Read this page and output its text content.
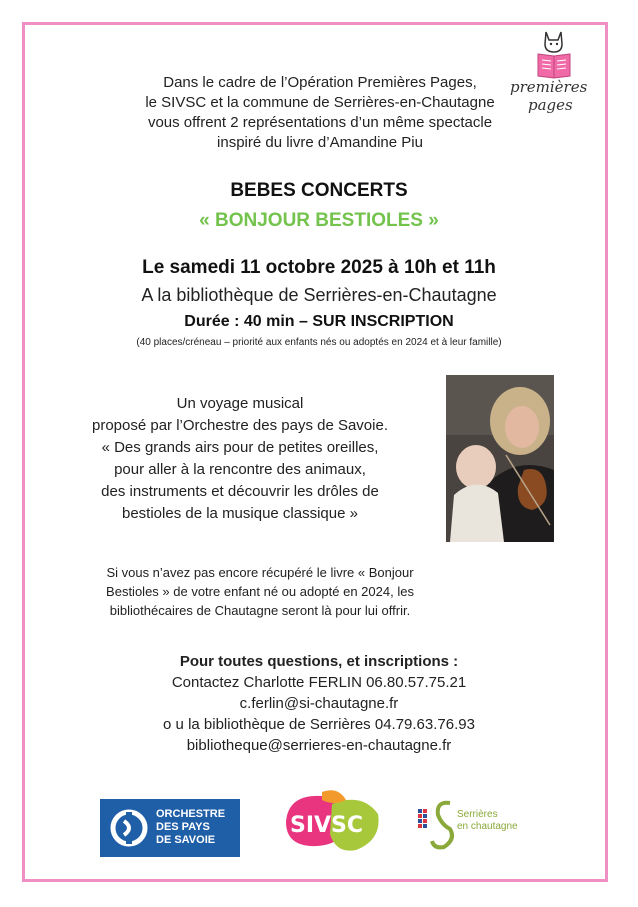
premières
pages
Dans le cadre de l’Opération Premières Pages,
le SIVSC et la commune de Serrières-en-Chautagne
vous offrent 2 représentations d’un même spectacle
inspiré du livre d’Amandine Piu
BEBES CONCERTS
« BONJOUR BESTIOLES »
Le samedi 11 octobre 2025 à 10h et 11h
A la bibliothèque de Serrières-en-Chautagne
Durée : 40 min – SUR INSCRIPTION
(40 places/créneau – priorité aux enfants nés ou adoptés en 2024 et à leur famille)
Un voyage musical
proposé par l’Orchestre des pays de Savoie.
« Des grands airs pour de petites oreilles,
pour aller à la rencontre des animaux,
des instruments et découvrir les drôles de
bestioles de la musique classique »
Si vous n’avez pas encore récupéré le livre « Bonjour
Bestioles » de votre enfant né ou adopté en 2024, les
bibliothécaires de Chautagne seront là pour lui offrir.
Pour toutes questions, et inscriptions :
Contactez Charlotte FERLIN 06.80.57.75.21
c.ferlin@si-chautagne.fr
o u la bibliothèque de Serrières 04.79.63.76.93
bibliotheque@serrieres-en-chautagne.fr
ORCHESTRE
DES PAYS
DE SAVOIE
SIVSC	Serrières
en chautagne
